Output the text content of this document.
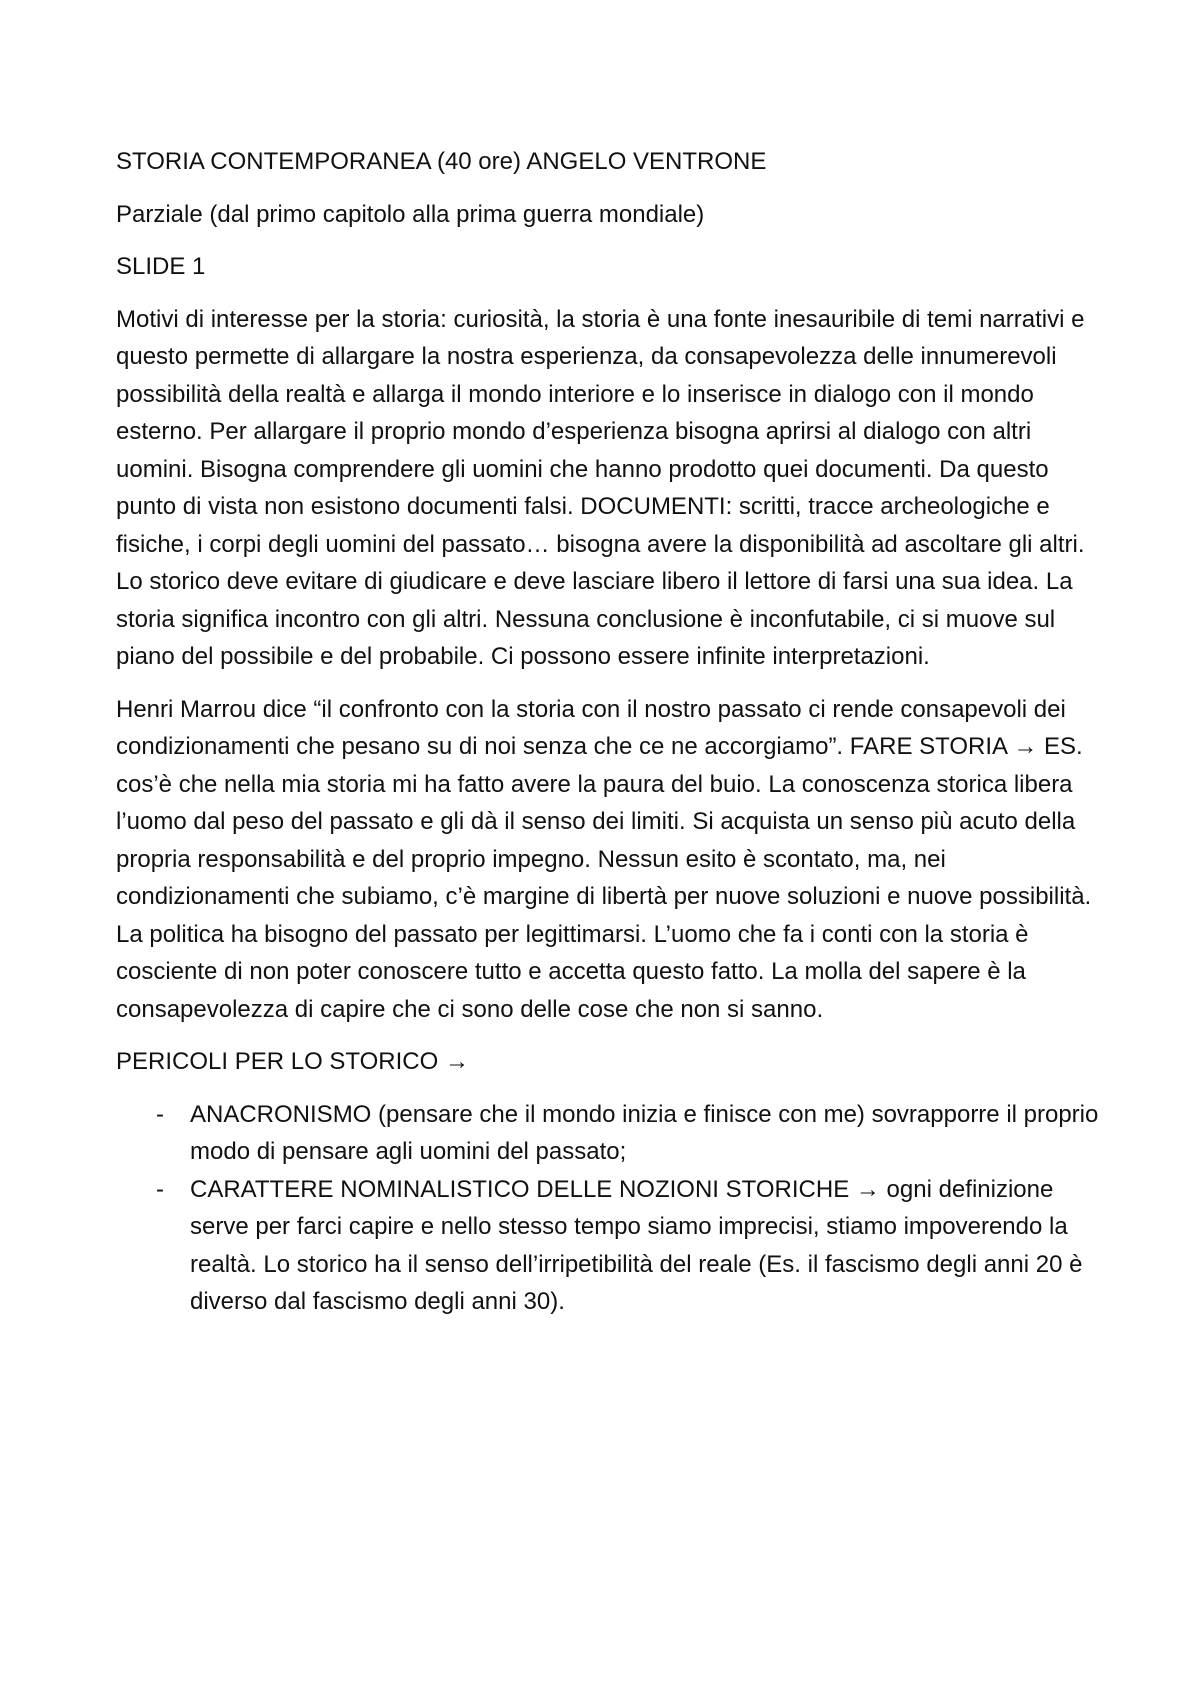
STORIA CONTEMPORANEA (40 ore) ANGELO VENTRONE

Parziale (dal primo capitolo alla prima guerra mondiale)

SLIDE 1

Motivi di interesse per la storia: curiosità, la storia è una fonte inesauribile di temi narrativi e questo permette di allargare la nostra esperienza, da consapevolezza delle innumerevoli possibilità della realtà e allarga il mondo interiore e lo inserisce in dialogo con il mondo esterno. Per allargare il proprio mondo d’esperienza bisogna aprirsi al dialogo con altri uomini. Bisogna comprendere gli uomini che hanno prodotto quei documenti. Da questo punto di vista non esistono documenti falsi. DOCUMENTI: scritti, tracce archeologiche e fisiche, i corpi degli uomini del passato… bisogna avere la disponibilità ad ascoltare gli altri. Lo storico deve evitare di giudicare e deve lasciare libero il lettore di farsi una sua idea. La storia significa incontro con gli altri. Nessuna conclusione è inconfutabile, ci si muove sul piano del possibile e del probabile. Ci possono essere infinite interpretazioni.

Henri Marrou dice “il confronto con la storia con il nostro passato ci rende consapevoli dei condizionamenti che pesano su di noi senza che ce ne accorgiamo”. FARE STORIA → ES. cos’è che nella mia storia mi ha fatto avere la paura del buio. La conoscenza storica libera l’uomo dal peso del passato e gli dà il senso dei limiti. Si acquista un senso più acuto della propria responsabilità e del proprio impegno. Nessun esito è scontato, ma, nei condizionamenti che subiamo, c’è margine di libertà per nuove soluzioni e nuove possibilità. La politica ha bisogno del passato per legittimarsi. L’uomo che fa i conti con la storia è cosciente di non poter conoscere tutto e accetta questo fatto. La molla del sapere è la consapevolezza di capire che ci sono delle cose che non si sanno.

PERICOLI PER LO STORICO →

- ANACRONISMO (pensare che il mondo inizia e finisce con me) sovrapporre il proprio modo di pensare agli uomini del passato;
- CARATTERE NOMINALISTICO DELLE NOZIONI STORICHE → ogni definizione serve per farci capire e nello stesso tempo siamo imprecisi, stiamo impoverendo la realtà. Lo storico ha il senso dell’irripetibilità del reale (Es. il fascismo degli anni 20 è diverso dal fascismo degli anni 30).
